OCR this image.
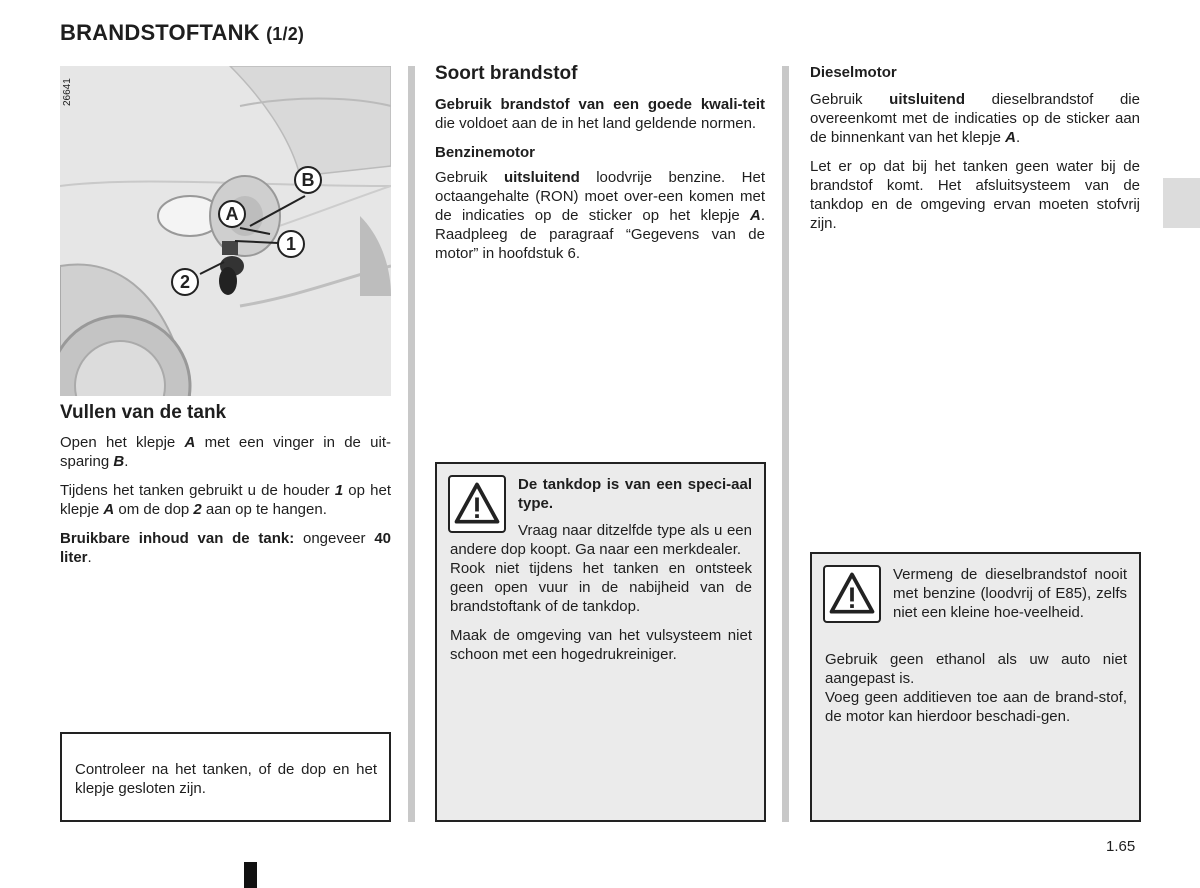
BRANDSTOFTANK (1/2)
B
A
1
2
26641
Vullen van de tank

Open het klepje A met een vinger in de uit-sparing B.

Tijdens het tanken gebruikt u de houder 1 op het klepje A om de dop 2 aan op te hangen.

Bruikbare inhoud van de tank: ongeveer 40 liter.

Controleer na het tanken, of de dop en het klepje gesloten zijn.
Soort brandstof

Gebruik brandstof van een goede kwali-teit die voldoet aan de in het land geldende normen.

Benzinemotor

Gebruik uitsluitend loodvrije benzine. Het octaangehalte (RON) moet over-een komen met de indicaties op de sticker op het klepje A. Raadpleeg de paragraaf “Gegevens van de motor” in hoofdstuk 6.

De tankdop is van een speci-aal type.

Vraag naar ditzelfde type als u een andere dop koopt. Ga naar een merkdealer.

Rook niet tijdens het tanken en ontsteek geen open vuur in de nabijheid van de brandstoftank of de tankdop.

Maak de omgeving van het vulsysteem niet schoon met een hogedrukreiniger.

Dieselmotor

Gebruik uitsluitend dieselbrandstof die overeenkomt met de indicaties op de sticker aan de binnenkant van het klepje A.

Let er op dat bij het tanken geen water bij de brandstof komt. Het afsluitsysteem van de tankdop en de omgeving ervan moeten stofvrij zijn.

Vermeng de dieselbrandstof nooit met benzine (loodvrij of E85), zelfs niet een kleine hoe-veelheid.

Gebruik geen ethanol als uw auto niet aangepast is.

Voeg geen additieven toe aan de brand-stof, de motor kan hierdoor beschadi-gen.

1.65
